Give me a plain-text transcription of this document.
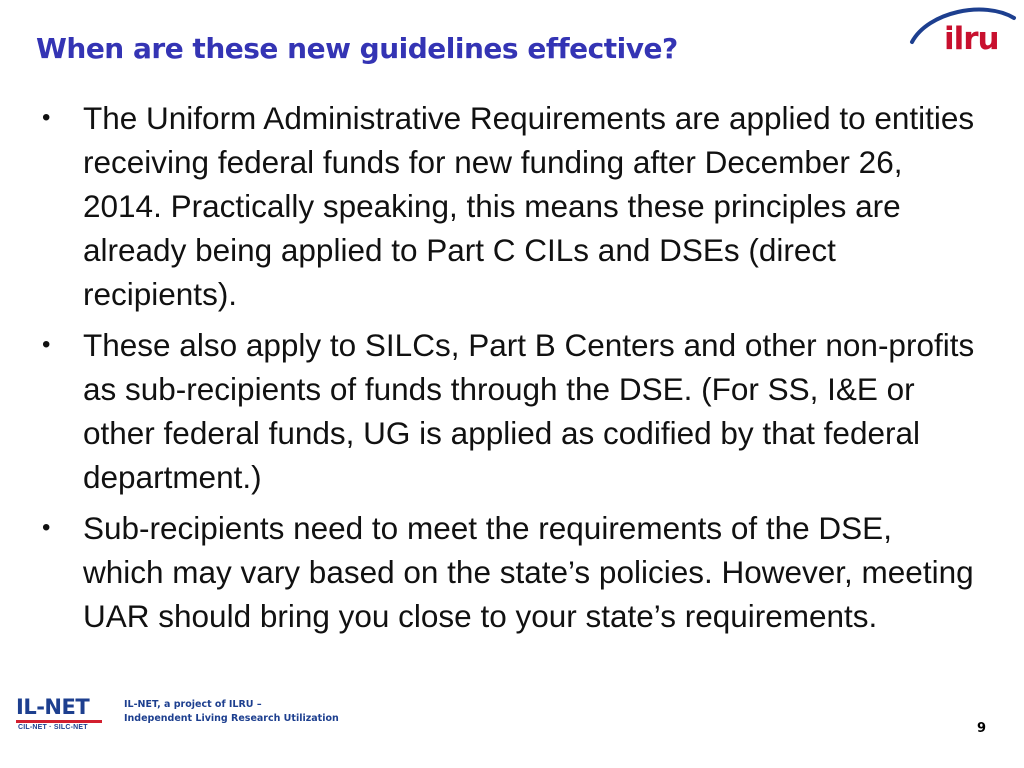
When are these new guidelines effective?	ilru
• The Uniform Administrative Requirements are applied to entities receiving federal funds for new funding after December 26, 2014. Practically speaking, this means these principles are already being applied to Part C CILs and DSEs (direct recipients).
• These also apply to SILCs, Part B Centers and other non-profits as sub-recipients of funds through the DSE. (For SS, I&E or other federal funds, UG is applied as codified by that federal department.)
• Sub-recipients need to meet the requirements of the DSE, which may vary based on the state’s policies. However, meeting UAR should bring you close to your state’s requirements.
IL-NET
CIL-NET · SILC-NET
IL-NET, a project of ILRU –
Independent Living Research Utilization
9
